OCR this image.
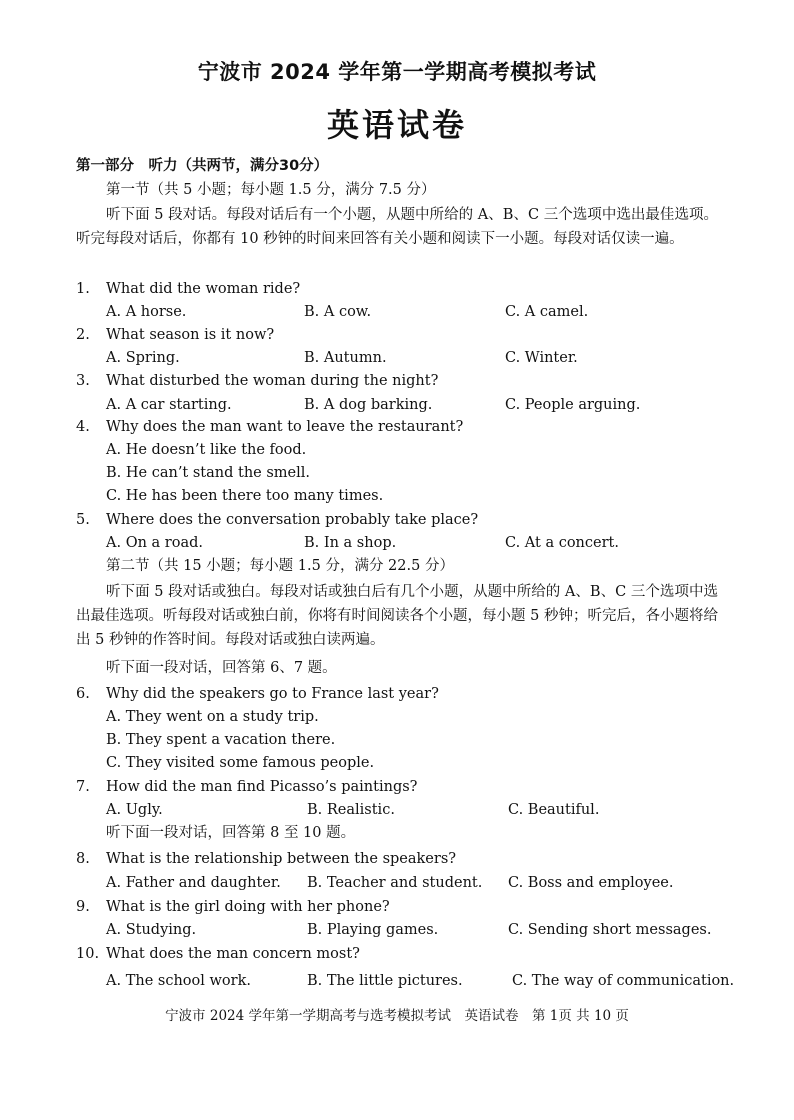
宁波市 2024 学年第一学期高考模拟考试
英语试卷
第一部分　听力（共两节，满分30分）
第一节（共 5 小题；每小题 1.5 分，满分 7.5 分）
听下面 5 段对话。每段对话后有一个小题，从题中所给的 A、B、C 三个选项中选出最佳选项。听完每段对话后，你都有 10 秒钟的时间来回答有关小题和阅读下一小题。每段对话仅读一遍。
1. What did the woman ride?
A. A horse.	B. A cow.	C. A camel.
2. What season is it now?
A. Spring.	B. Autumn.	C. Winter.
3. What disturbed the woman during the night?
A. A car starting.	B. A dog barking.	C. People arguing.
4. Why does the man want to leave the restaurant?
A. He doesn’t like the food.
B. He can’t stand the smell.
C. He has been there too many times.
5. Where does the conversation probably take place?
A. On a road.	B. In a shop.	C. At a concert.
第二节（共 15 小题；每小题 1.5 分，满分 22.5 分）
听下面 5 段对话或独白。每段对话或独白后有几个小题，从题中所给的 A、B、C 三个选项中选出最佳选项。听每段对话或独白前，你将有时间阅读各个小题，每小题 5 秒钟；听完后，各小题将给出 5 秒钟的作答时间。每段对话或独白读两遍。
听下面一段对话，回答第 6、7 题。
6. Why did the speakers go to France last year?
A. They went on a study trip.
B. They spent a vacation there.
C. They visited some famous people.
7. How did the man find Picasso’s paintings?
A. Ugly.	B. Realistic.	C. Beautiful.
听下面一段对话，回答第 8 至 10 题。
8. What is the relationship between the speakers?
A. Father and daughter. B. Teacher and student. C. Boss and employee.
9. What is the girl doing with her phone?
A. Studying.	B. Playing games.	C. Sending short messages.
10. What does the man concern most?
A. The school work.	B. The little pictures.	C. The way of communication.
宁波市 2024 学年第一学期高考与选考模拟考试　英语试卷　第 1页 共 10 页
